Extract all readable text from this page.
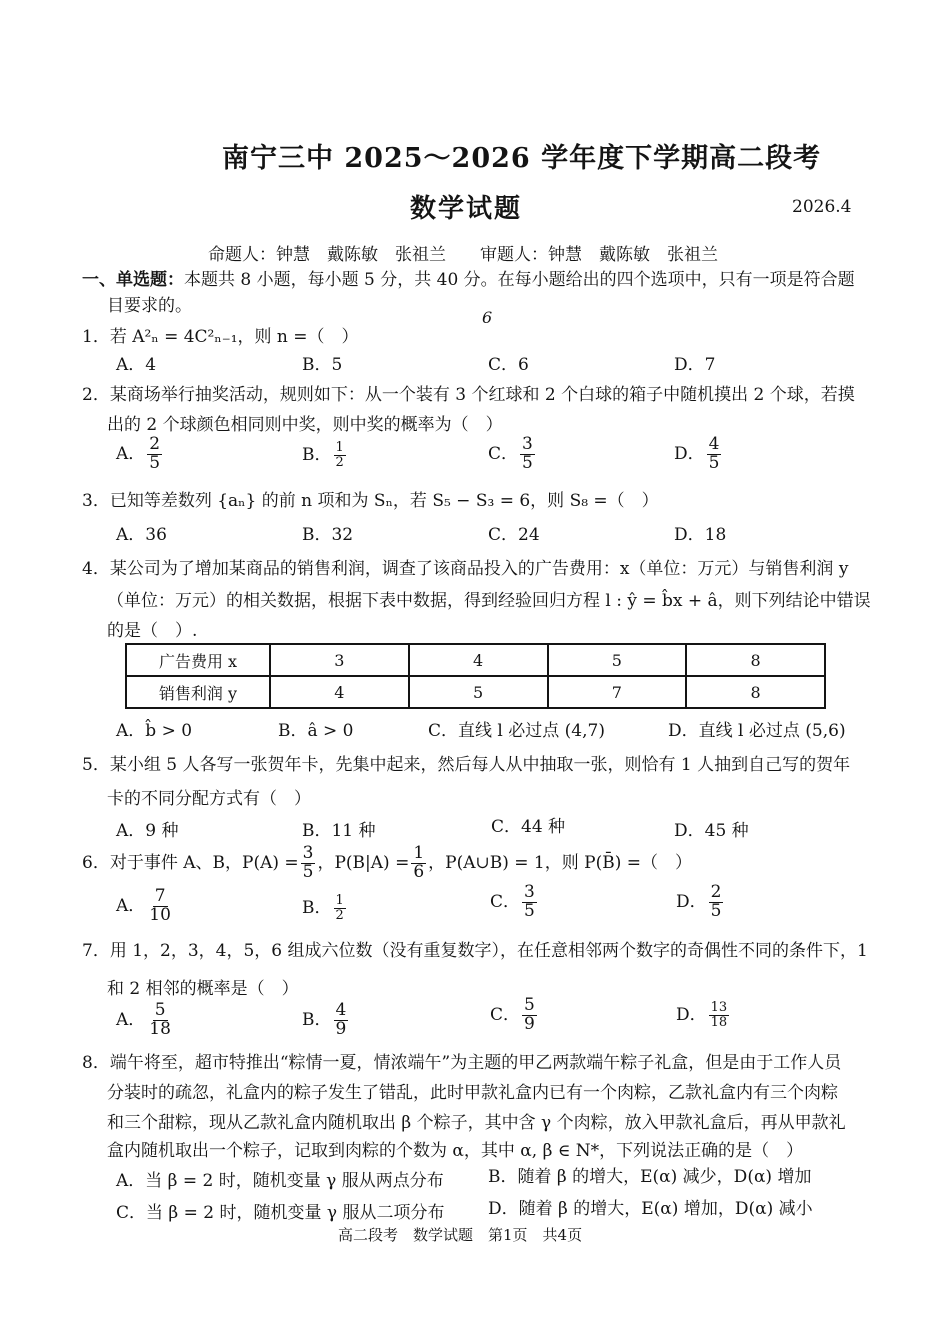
南宁三中 2025～2026 学年度下学期高二段考
数学试题	2026.4
命题人：钟慧　戴陈敏　张祖兰　　审题人：钟慧　戴陈敏　张祖兰
一、单选题：本题共 8 小题，每小题 5 分，共 40 分。在每小题给出的四个选项中，只有一项是符合题
目要求的。
6
1．若 A²ₙ = 4C²ₙ₋₁，则 n =（　）
A．4	B．5	C．6	D．7
2．某商场举行抽奖活动，规则如下：从一个装有 3 个红球和 2 个白球的箱子中随机摸出 2 个球，若摸
出的 2 个球颜色相同则中奖，则中奖的概率为（　）
A． $\frac{2}{5}$	B． $\frac{1}{2}$	C． $\frac{3}{5}$	D． $\frac{4}{5}$
3．已知等差数列 {aₙ} 的前 n 项和为 Sₙ，若 S₅ − S₃ = 6，则 S₈ =（　）
A．36	B．32	C．24	D．18
4．某公司为了增加某商品的销售利润，调查了该商品投入的广告费用：x（单位：万元）与销售利润 y
（单位：万元）的相关数据，根据下表中数据，得到经验回归方程 l : ŷ = b̂x + â，则下列结论中错误
的是（　）.
广告费用 x	3	4	5	8
销售利润 y	4	5	7	8
A．b̂ > 0	B．â > 0	C．直线 l 必过点 (4,7)	D．直线 l 必过点 (5,6)
5．某小组 5 人各写一张贺年卡，先集中起来，然后每人从中抽取一张，则恰有 1 人抽到自己写的贺年
卡的不同分配方式有（　）
A．9 种	B．11 种	C．44 种	D．45 种
6．对于事件 A、B，$P(A) = \frac{3}{5}$ ，$P(B|A) = \frac{1}{6}$ ，P(A∪B) = 1，则 P(B̄) =（　）
A． $\frac{7}{10}$	B． $\frac{1}{2}$	C． $\frac{3}{5}$	D． $\frac{2}{5}$
7．用 1，2，3，4，5，6 组成六位数（没有重复数字），在任意相邻两个数字的奇偶性不同的条件下，1
和 2 相邻的概率是（　）
A． $\frac{5}{18}$	B． $\frac{4}{9}$	C． $\frac{5}{9}$	D． $\frac{13}{18}$
8．端午将至，超市特推出“粽情一夏，情浓端午”为主题的甲乙两款端午粽子礼盒，但是由于工作人员
分装时的疏忽，礼盒内的粽子发生了错乱，此时甲款礼盒内已有一个肉粽，乙款礼盒内有三个肉粽
和三个甜粽，现从乙款礼盒内随机取出 β 个粽子，其中含 γ 个肉粽，放入甲款礼盒后，再从甲款礼
盒内随机取出一个粽子，记取到肉粽的个数为 α，其中 α, β ∈ N*，下列说法正确的是（　）
A．当 β = 2 时，随机变量 γ 服从两点分布	B．随着 β 的增大，E(α) 减少，D(α) 增加
C．当 β = 2 时，随机变量 γ 服从二项分布	D．随着 β 的增大，E(α) 增加，D(α) 减小
高二段考　数学试题　第1页　共4页
